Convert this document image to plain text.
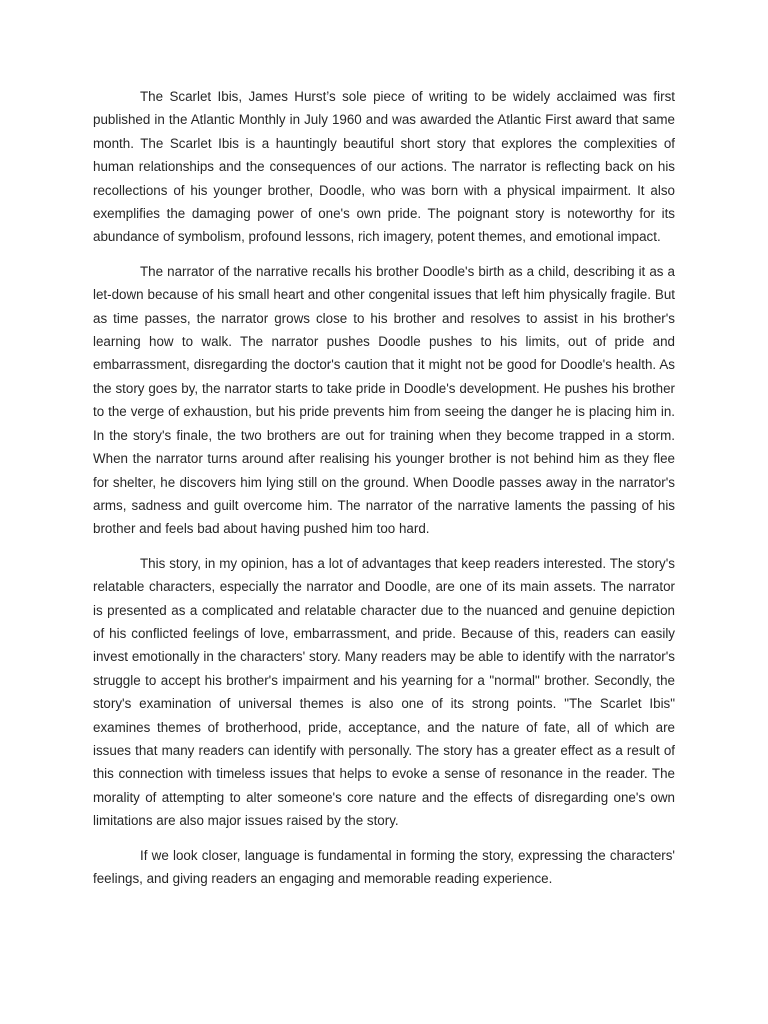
The Scarlet Ibis, James Hurst’s sole piece of writing to be widely acclaimed was first published in the Atlantic Monthly in July 1960 and was awarded the Atlantic First award that same month. The Scarlet Ibis is a hauntingly beautiful short story that explores the complexities of human relationships and the consequences of our actions. The narrator is reflecting back on his recollections of his younger brother, Doodle, who was born with a physical impairment. It also exemplifies the damaging power of one's own pride. The poignant story is noteworthy for its abundance of symbolism, profound lessons, rich imagery, potent themes, and emotional impact.

The narrator of the narrative recalls his brother Doodle's birth as a child, describing it as a let-down because of his small heart and other congenital issues that left him physically fragile. But as time passes, the narrator grows close to his brother and resolves to assist in his brother's learning how to walk. The narrator pushes Doodle pushes to his limits, out of pride and embarrassment, disregarding the doctor's caution that it might not be good for Doodle's health. As the story goes by, the narrator starts to take pride in Doodle's development. He pushes his brother to the verge of exhaustion, but his pride prevents him from seeing the danger he is placing him in. In the story's finale, the two brothers are out for training when they become trapped in a storm. When the narrator turns around after realising his younger brother is not behind him as they flee for shelter, he discovers him lying still on the ground. When Doodle passes away in the narrator's arms, sadness and guilt overcome him. The narrator of the narrative laments the passing of his brother and feels bad about having pushed him too hard.

This story, in my opinion, has a lot of advantages that keep readers interested. The story's relatable characters, especially the narrator and Doodle, are one of its main assets. The narrator is presented as a complicated and relatable character due to the nuanced and genuine depiction of his conflicted feelings of love, embarrassment, and pride. Because of this, readers can easily invest emotionally in the characters' story. Many readers may be able to identify with the narrator's struggle to accept his brother's impairment and his yearning for a "normal" brother. Secondly, the story's examination of universal themes is also one of its strong points. "The Scarlet Ibis" examines themes of brotherhood, pride, acceptance, and the nature of fate, all of which are issues that many readers can identify with personally. The story has a greater effect as a result of this connection with timeless issues that helps to evoke a sense of resonance in the reader. The morality of attempting to alter someone's core nature and the effects of disregarding one's own limitations are also major issues raised by the story.

If we look closer, language is fundamental in forming the story, expressing the characters' feelings, and giving readers an engaging and memorable reading experience.
